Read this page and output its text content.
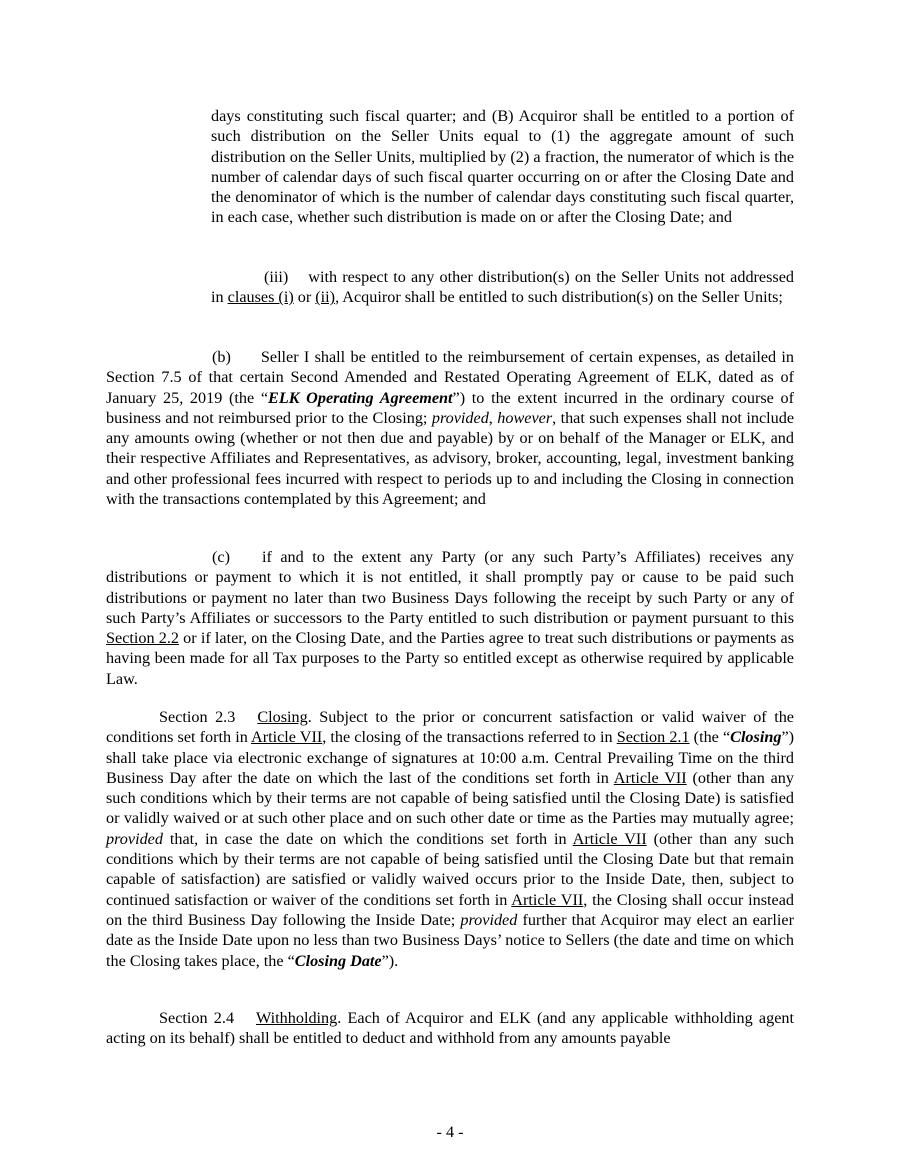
days constituting such fiscal quarter; and (B) Acquiror shall be entitled to a portion of such distribution on the Seller Units equal to (1) the aggregate amount of such distribution on the Seller Units, multiplied by (2) a fraction, the numerator of which is the number of calendar days of such fiscal quarter occurring on or after the Closing Date and the denominator of which is the number of calendar days constituting such fiscal quarter, in each case, whether such distribution is made on or after the Closing Date; and

(iii) with respect to any other distribution(s) on the Seller Units not addressed in clauses (i) or (ii), Acquiror shall be entitled to such distribution(s) on the Seller Units;

(b) Seller I shall be entitled to the reimbursement of certain expenses, as detailed in Section 7.5 of that certain Second Amended and Restated Operating Agreement of ELK, dated as of January 25, 2019 (the “ELK Operating Agreement”) to the extent incurred in the ordinary course of business and not reimbursed prior to the Closing; provided, however, that such expenses shall not include any amounts owing (whether or not then due and payable) by or on behalf of the Manager or ELK, and their respective Affiliates and Representatives, as advisory, broker, accounting, legal, investment banking and other professional fees incurred with respect to periods up to and including the Closing in connection with the transactions contemplated by this Agreement; and

(c) if and to the extent any Party (or any such Party’s Affiliates) receives any distributions or payment to which it is not entitled, it shall promptly pay or cause to be paid such distributions or payment no later than two Business Days following the receipt by such Party or any of such Party’s Affiliates or successors to the Party entitled to such distribution or payment pursuant to this Section 2.2 or if later, on the Closing Date, and the Parties agree to treat such distributions or payments as having been made for all Tax purposes to the Party so entitled except as otherwise required by applicable Law.

Section 2.3 Closing. Subject to the prior or concurrent satisfaction or valid waiver of the conditions set forth in Article VII, the closing of the transactions referred to in Section 2.1 (the “Closing”) shall take place via electronic exchange of signatures at 10:00 a.m. Central Prevailing Time on the third Business Day after the date on which the last of the conditions set forth in Article VII (other than any such conditions which by their terms are not capable of being satisfied until the Closing Date) is satisfied or validly waived or at such other place and on such other date or time as the Parties may mutually agree; provided that, in case the date on which the conditions set forth in Article VII (other than any such conditions which by their terms are not capable of being satisfied until the Closing Date but that remain capable of satisfaction) are satisfied or validly waived occurs prior to the Inside Date, then, subject to continued satisfaction or waiver of the conditions set forth in Article VII, the Closing shall occur instead on the third Business Day following the Inside Date; provided further that Acquiror may elect an earlier date as the Inside Date upon no less than two Business Days’ notice to Sellers (the date and time on which the Closing takes place, the “Closing Date”).

Section 2.4 Withholding. Each of Acquiror and ELK (and any applicable withholding agent acting on its behalf) shall be entitled to deduct and withhold from any amounts payable

- 4 -
